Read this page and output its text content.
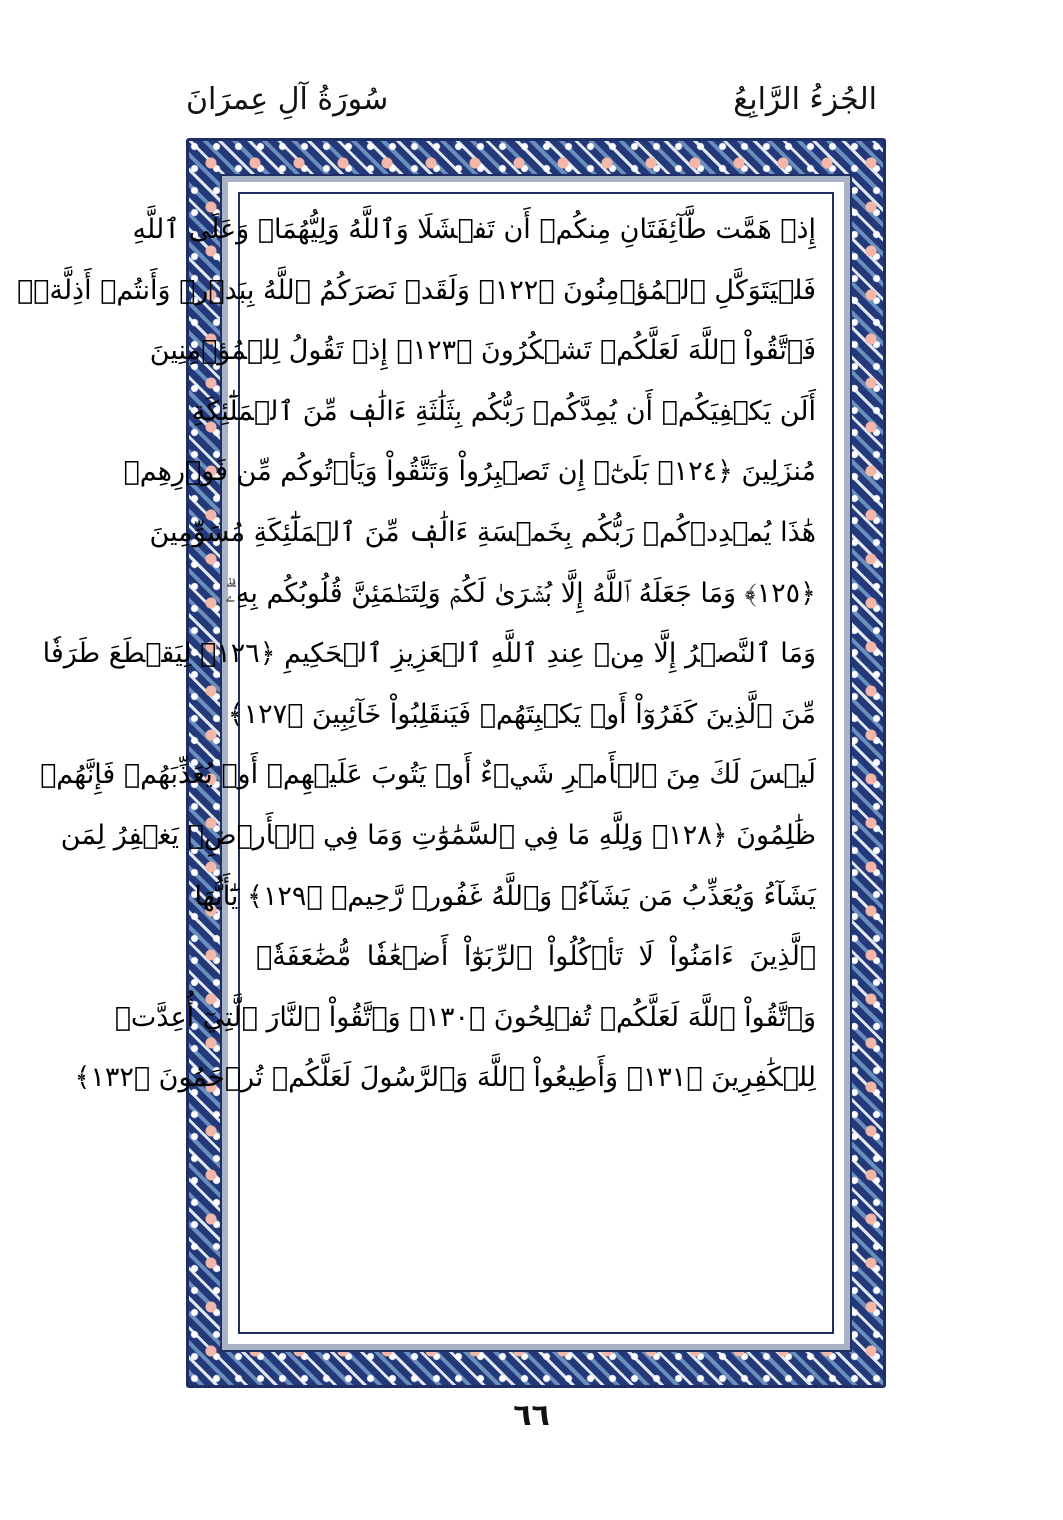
سُورَةُ آلِ عِمرَانَ	الجُزءُ الرَّابِعُ
إِذۡ هَمَّت طَّآئِفَتَانِ مِنكُمۡ أَن تَفۡشَلَا وَٱللَّهُ وَلِيُّهُمَاۗ وَعَلَى ٱللَّهِ
فَلۡيَتَوَكَّلِ ٱلۡمُؤۡمِنُونَ ﴿١٢٢﴾ وَلَقَدۡ نَصَرَكُمُ ٱللَّهُ بِبَدۡرٖ وَأَنتُمۡ أَذِلَّةٞۖ
فَٱتَّقُواْ ٱللَّهَ لَعَلَّكُمۡ تَشۡكُرُونَ ﴿١٢٣﴾ إِذۡ تَقُولُ لِلۡمُؤۡمِنِينَ
أَلَن يَكۡفِيَكُمۡ أَن يُمِدَّكُمۡ رَبُّكُم بِثَلَٰثَةِ ءَالَٰفٖ مِّنَ ٱلۡمَلَٰٓئِكَةِ
مُنزَلِينَ ﴿١٢٤﴾ بَلَىٰٓۚ إِن تَصۡبِرُواْ وَتَتَّقُواْ وَيَأۡتُوكُم مِّن فَوۡرِهِمۡ
هَٰذَا يُمۡدِدۡكُمۡ رَبُّكُم بِخَمۡسَةِ ءَالَٰفٖ مِّنَ ٱلۡمَلَٰٓئِكَةِ مُسَوِّمِينَ
﴿١٢٥﴾ وَمَا جَعَلَهُ ٱللَّهُ إِلَّا بُشۡرَىٰ لَكُمۡ وَلِتَطۡمَئِنَّ قُلُوبُكُم بِهِۦۗ
وَمَا ٱلنَّصۡرُ إِلَّا مِنۡ عِندِ ٱللَّهِ ٱلۡعَزِيزِ ٱلۡحَكِيمِ ﴿١٢٦﴾ لِيَقۡطَعَ طَرَفٗا
مِّنَ ٱلَّذِينَ كَفَرُوٓاْ أَوۡ يَكۡبِتَهُمۡ فَيَنقَلِبُواْ خَآئِبِينَ ﴿١٢٧﴾
لَيۡسَ لَكَ مِنَ ٱلۡأَمۡرِ شَيۡءٌ أَوۡ يَتُوبَ عَلَيۡهِمۡ أَوۡ يُعَذِّبَهُمۡ فَإِنَّهُمۡ
ظَٰلِمُونَ ﴿١٢٨﴾ وَلِلَّهِ مَا فِي ٱلسَّمَٰوَٰتِ وَمَا فِي ٱلۡأَرۡضِۚ يَغۡفِرُ لِمَن
يَشَآءُ وَيُعَذِّبُ مَن يَشَآءُۚ وَٱللَّهُ غَفُورٞ رَّحِيمٞ ﴿١٢٩﴾ يَٰٓأَيُّهَا
ٱلَّذِينَ ءَامَنُواْ لَا تَأۡكُلُواْ ٱلرِّبَوٰٓاْ أَضۡعَٰفٗا مُّضَٰعَفَةٗۖ
وَٱتَّقُواْ ٱللَّهَ لَعَلَّكُمۡ تُفۡلِحُونَ ﴿١٣٠﴾ وَٱتَّقُواْ ٱلنَّارَ ٱلَّتِيٓ أُعِدَّتۡ
لِلۡكَٰفِرِينَ ﴿١٣١﴾ وَأَطِيعُواْ ٱللَّهَ وَٱلرَّسُولَ لَعَلَّكُمۡ تُرۡحَمُونَ ﴿١٣٢﴾
٦٦
